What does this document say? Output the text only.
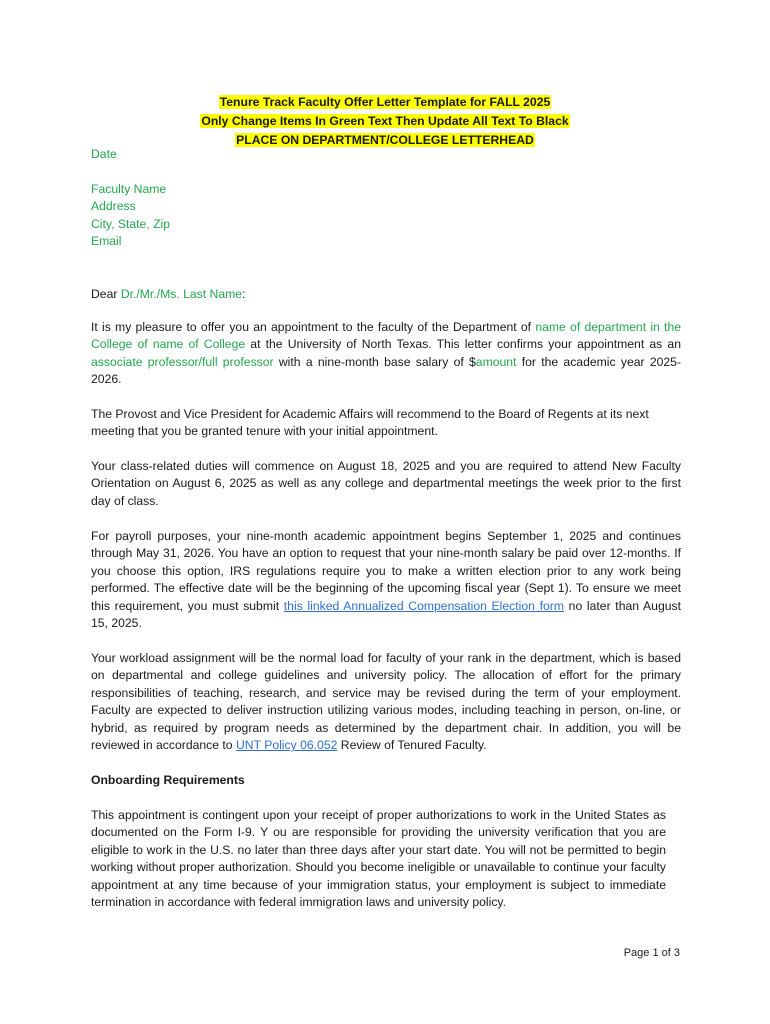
Tenure Track Faculty Offer Letter Template for FALL 2025
Only Change Items In Green Text Then Update All Text To Black
PLACE ON DEPARTMENT/COLLEGE LETTERHEAD
Date
Faculty Name
Address
City, State, Zip
Email
Dear Dr./Mr./Ms. Last Name:

It is my pleasure to offer you an appointment to the faculty of the Department of name of department in the College of name of College at the University of North Texas. This letter confirms your appointment as an associate professor/full professor with a nine-month base salary of $amount for the academic year 2025-2026.

The Provost and Vice President for Academic Affairs will recommend to the Board of Regents at its next meeting that you be granted tenure with your initial appointment.

Your class-related duties will commence on August 18, 2025 and you are required to attend New Faculty Orientation on August 6, 2025 as well as any college and departmental meetings the week prior to the first day of class.

For payroll purposes, your nine-month academic appointment begins September 1, 2025 and continues through May 31, 2026. You have an option to request that your nine-month salary be paid over 12-months. If you choose this option, IRS regulations require you to make a written election prior to any work being performed. The effective date will be the beginning of the upcoming fiscal year (Sept 1). To ensure we meet this requirement, you must submit this linked Annualized Compensation Election form no later than August 15, 2025.

Your workload assignment will be the normal load for faculty of your rank in the department, which is based on departmental and college guidelines and university policy. The allocation of effort for the primary responsibilities of teaching, research, and service may be revised during the term of your employment. Faculty are expected to deliver instruction utilizing various modes, including teaching in person, on-line, or hybrid, as required by program needs as determined by the department chair. In addition, you will be reviewed in accordance to UNT Policy 06.052 Review of Tenured Faculty.

Onboarding Requirements

This appointment is contingent upon your receipt of proper authorizations to work in the United States as documented on the Form I-9. Y ou are responsible for providing the university verification that you are eligible to work in the U.S. no later than three days after your start date. You will not be permitted to begin working without proper authorization. Should you become ineligible or unavailable to continue your faculty appointment at any time because of your immigration status, your employment is subject to immediate termination in accordance with federal immigration laws and university policy.

Page 1 of 3
